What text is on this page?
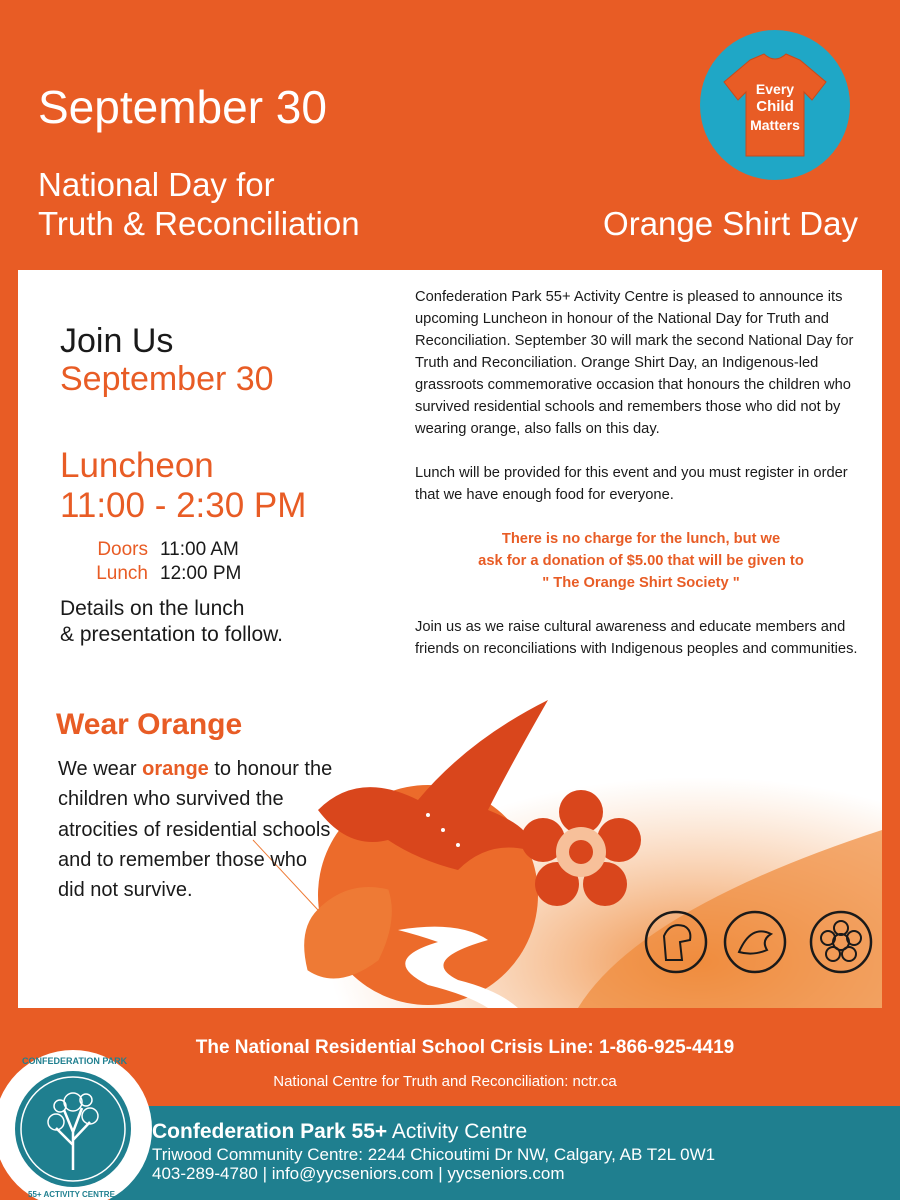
September 30
National Day for
Truth & Reconciliation	Orange Shirt Day
Every
Child
Matters
Join Us
September 30
Luncheon
11:00 - 2:30 PM
Doors 11:00 AM
Lunch 12:00 PM
Details on the lunch
& presentation to follow.
Wear Orange
We wear orange to honour the children who survived the atrocities of residential schools and to remember those who did not survive.

Confederation Park 55+ Activity Centre is pleased to announce its upcoming Luncheon in honour of the National Day for Truth and Reconciliation. September 30 will mark the second National Day for Truth and Reconciliation. Orange Shirt Day, an Indigenous-led grassroots commemorative occasion that honours the children who survived residential schools and remembers those who did not by wearing orange, also falls on this day.

Lunch will be provided for this event and you must register in order that we have enough food for everyone.

There is no charge for the lunch, but we
ask for a donation of $5.00 that will be given to
" The Orange Shirt Society "

Join us as we raise cultural awareness and educate members and friends on reconciliations with Indigenous peoples and communities.

The National Residential School Crisis Line: 1-866-925-4419
National Centre for Truth and Reconciliation: nctr.ca
Confederation Park 55+ Activity Centre
Triwood Community Centre: 2244 Chicoutimi Dr NW, Calgary, AB T2L 0W1
403-289-4780 | info@yycseniors.com | yycseniors.com
CONFEDERATION PARK
55+ ACTIVITY CENTRE
